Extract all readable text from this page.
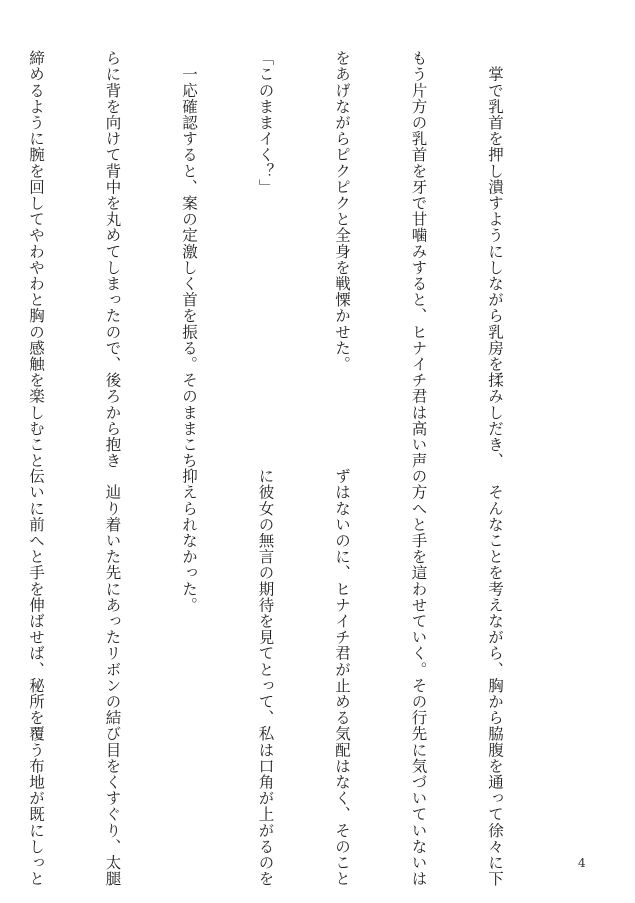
　掌で乳首を押し潰すようにしながら乳房を揉みしだき、

もう片方の乳首を牙で甘噛みすると、ヒナイチ君は高い声

をあげながらピクピクと全身を戦慄かせた。

「このままイく？」

　一応確認すると、案の定激しく首を振る。そのままこち

らに背を向けて背中を丸めてしまったので、後ろから抱き

締めるように腕を回してやわやわと胸の感触を楽しむこと

　そんなことを考えながら、胸から脇腹を通って徐々に下

の方へと手を這わせていく。その行先に気づいていないは

ずはないのに、ヒナイチ君が止める気配はなく、そのこと

に彼女の無言の期待を見てとって、私は口角が上がるのを

抑えられなかった。

　辿り着いた先にあったリボンの結び目をくすぐり、太腿

伝いに前へと手を伸ばせば、秘所を覆う布地が既にしっと

	4
